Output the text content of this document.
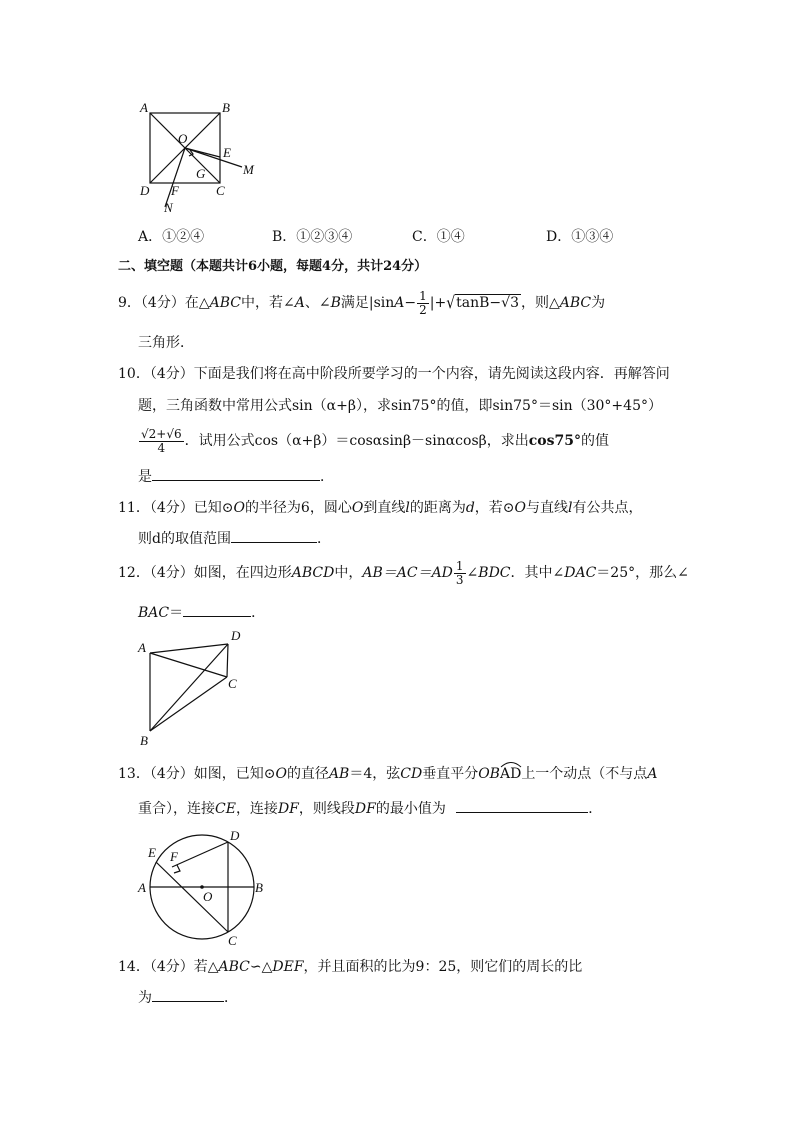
A	B
O
E
M
G
D F	C
N
A．①②④	B．①②③④	C．①④	D．①③④
二、填空题（本题共计6小题，每题4分，共计24分）
9．（4分）在△ABC中，若∠A、∠B满足$|\sin A- \frac{1}{2} |+√\tan B-√3$ ，则△ABC为
三角形．
10．（4分）下面是我们将在高中阶段所要学习的一个内容，请先阅读这段内容．再解答问
题，三角函数中常用公式sin（α+β），求sin75°的值，即sin75°＝sin（30°+45°）
$\frac{√2+√6}{4}$ ．试用公式cos（α+β）＝cosαsinβ－sinαcosβ，求出cos75°的值
是	．
11．（4分）已知⊙O的半径为6，圆心O到直线l的距离为d，若⊙O与直线l有公共点，
则d的取值范围	．
12．（4分）如图，在四边形ABCD中，$AB=AC=AD \frac{1}{3}$ ∠BDC．其中∠DAC＝25°，那么∠
BAC＝	．
A
D
C
B
13．（4分）如图，已知⊙O的直径AB＝4，弦CD垂直平分OB
AD上一个动点（不与点A
重合），连接CE，连接DF，则线段DF的最小值为	．
D
E F
A
O
B
C
14．（4分）若△ABC∽△DEF，并且面积的比为9：25，则它们的周长的比
为	．
